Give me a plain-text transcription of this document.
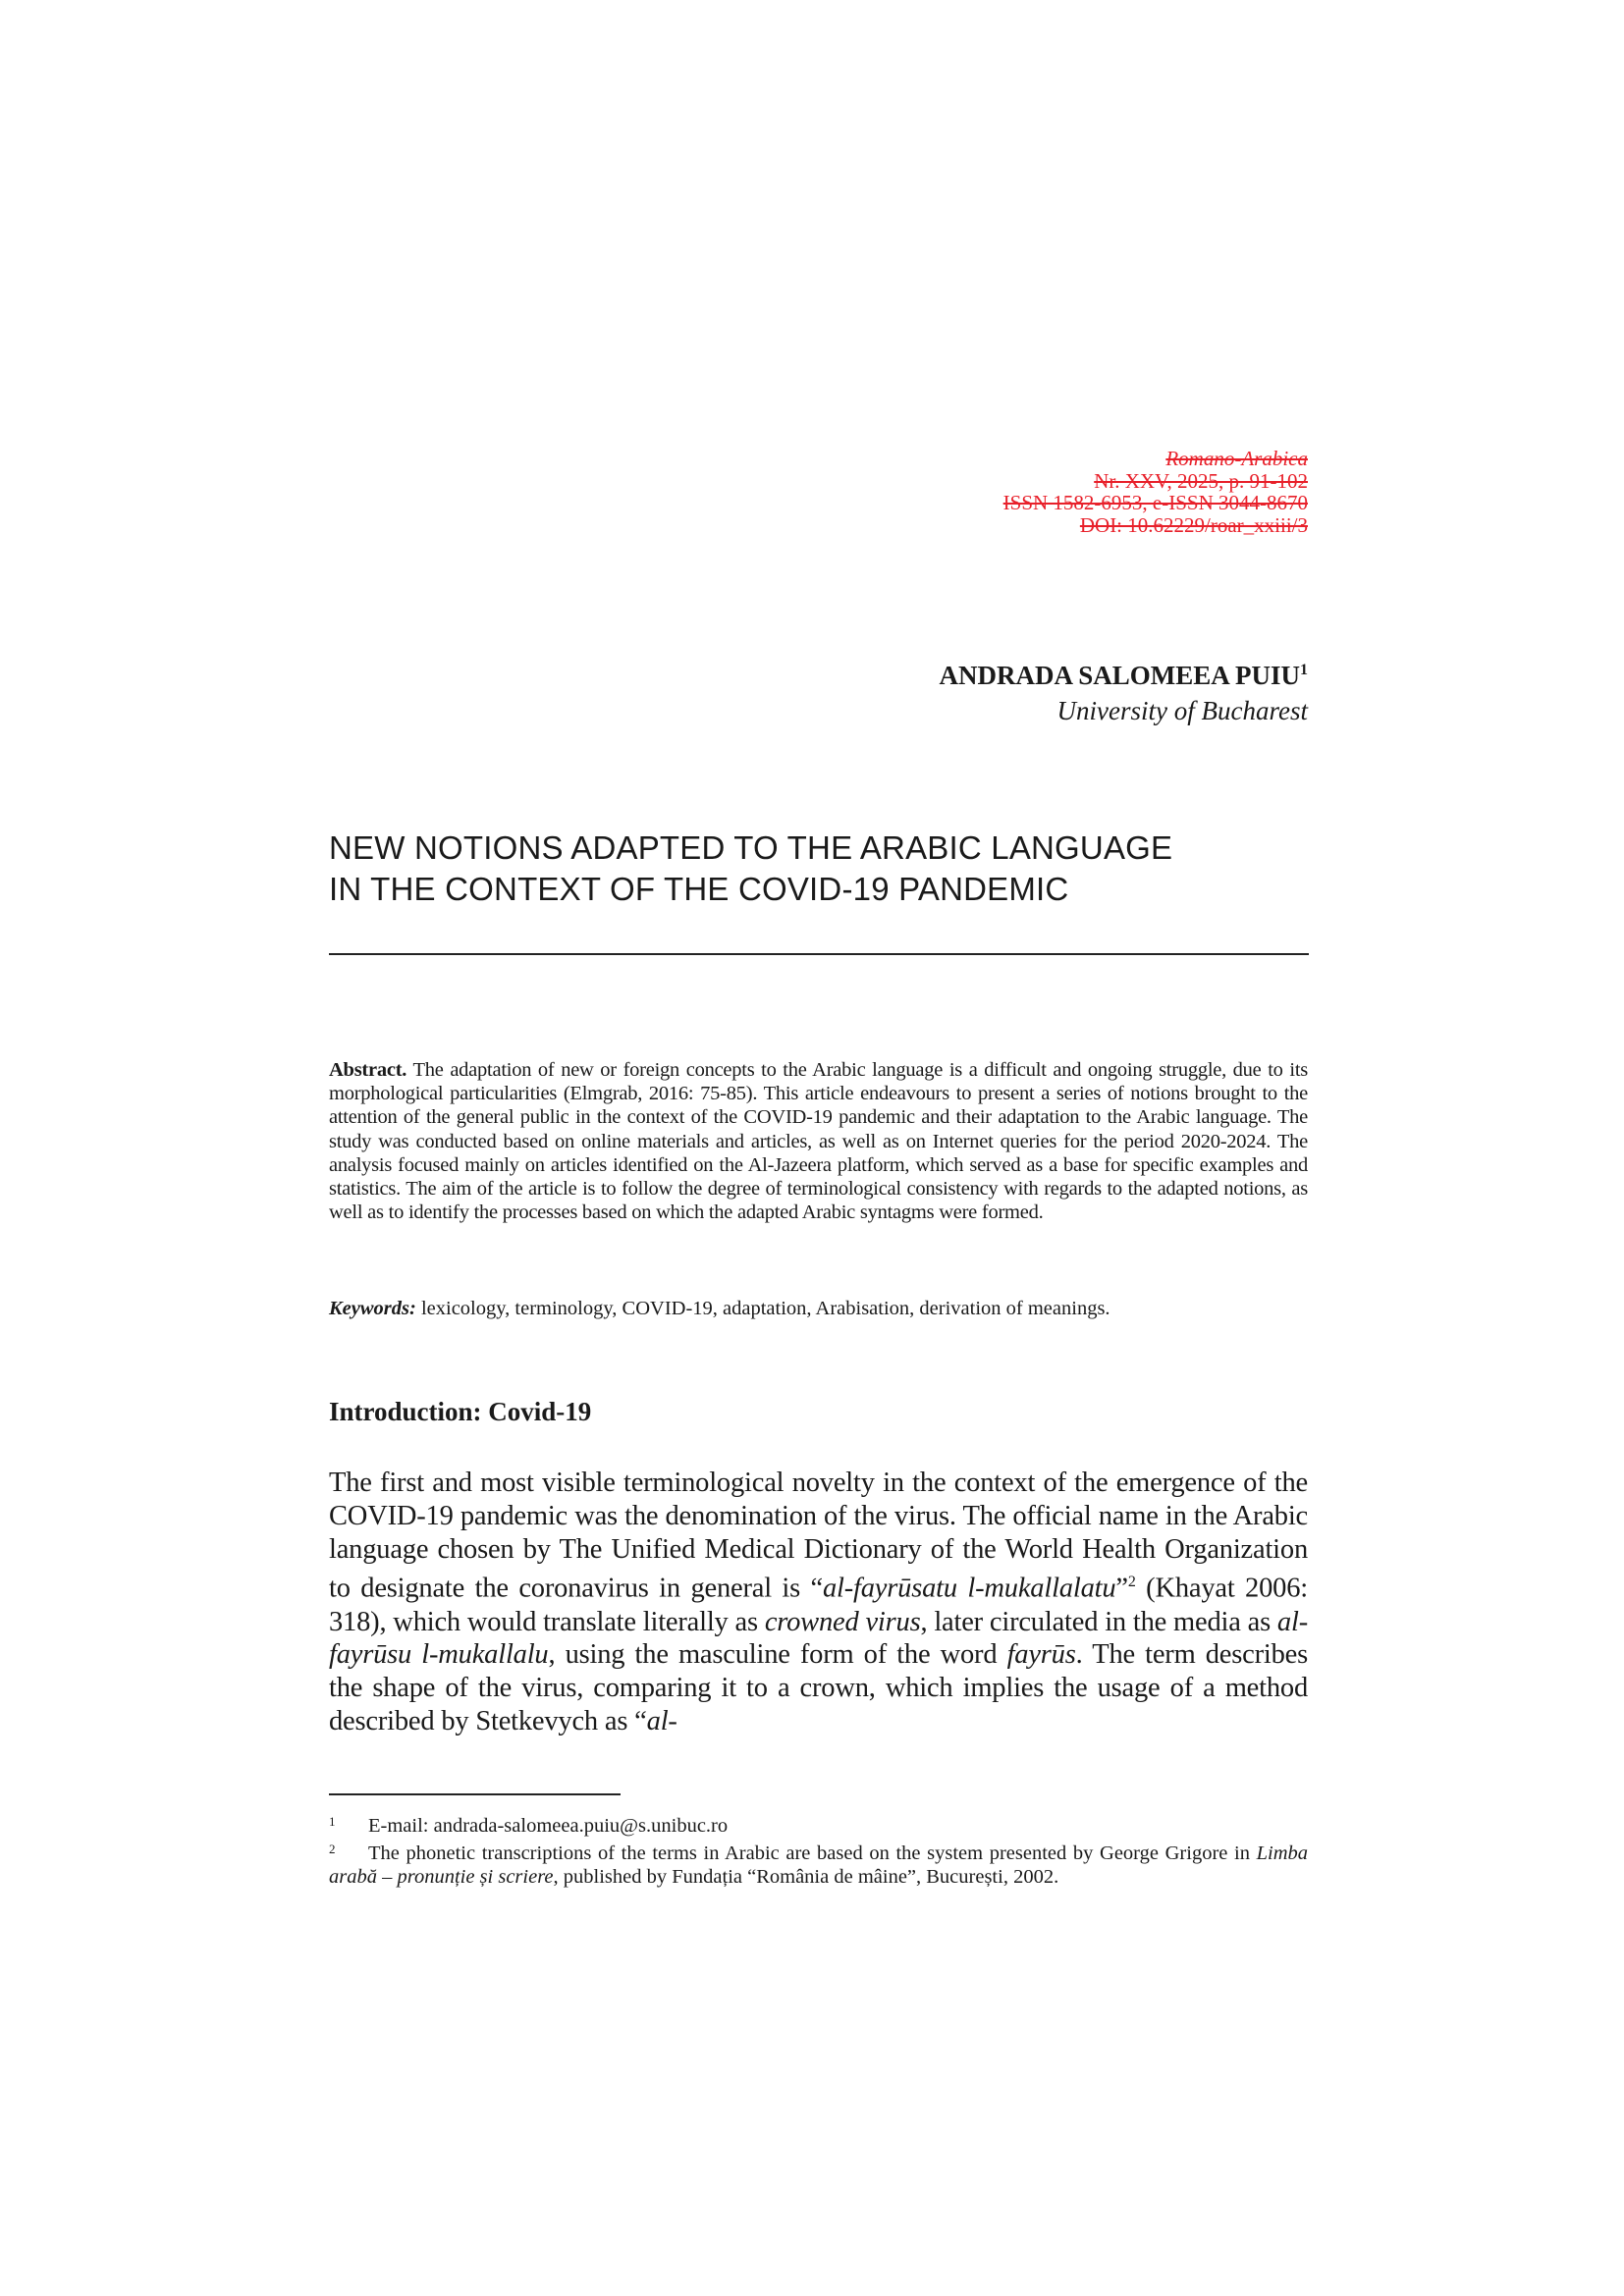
Romano-Arabica
Nr. XXV, 2025, p. 91-102
ISSN 1582-6953, e-ISSN 3044-8670
DOI: 10.62229/roar_xxiii/3
ANDRADA SALOMEEA PUIU$^1$
University of Bucharest
NEW NOTIONS ADAPTED TO THE ARABIC LANGUAGE
IN THE CONTEXT OF THE COVID-19 PANDEMIC
Abstract. The adaptation of new or foreign concepts to the Arabic language is a difficult and ongoing struggle, due to its morphological particularities (Elmgrab, 2016: 75-85). This article endeavours to present a series of notions brought to the attention of the general public in the context of the COVID-19 pandemic and their adaptation to the Arabic language. The study was conducted based on online materials and articles, as well as on Internet queries for the period 2020-2024. The analysis focused mainly on articles identified on the Al-Jazeera platform, which served as a base for specific examples and statistics. The aim of the article is to follow the degree of terminological consistency with regards to the adapted notions, as well as to identify the processes based on which the adapted Arabic syntagms were formed.
Keywords: lexicology, terminology, COVID-19, adaptation, Arabisation, derivation of meanings.
Introduction: Covid-19
The first and most visible terminological novelty in the context of the emergence of the COVID-19 pandemic was the denomination of the virus. The official name in the Arabic language chosen by The Unified Medical Dictionary of the World Health Organization to designate the coronavirus in general is “al-fayrūsatu l-mukallalatu”$^2$ (Khayat 2006: 318), which would translate literally as crowned virus, later circulated in the media as al-fayrūsu l-mukallalu, using the masculine form of the word fayrūs. The term describes the shape of the virus, comparing it to a crown, which implies the usage of a method described by Stetkevych as “al-
1 E-mail: andrada-salomeea.puiu@s.unibuc.ro
2 The phonetic transcriptions of the terms in Arabic are based on the system presented by George Grigore in Limba arabă – pronunție și scriere, published by Fundația “România de mâine”, București, 2002.
